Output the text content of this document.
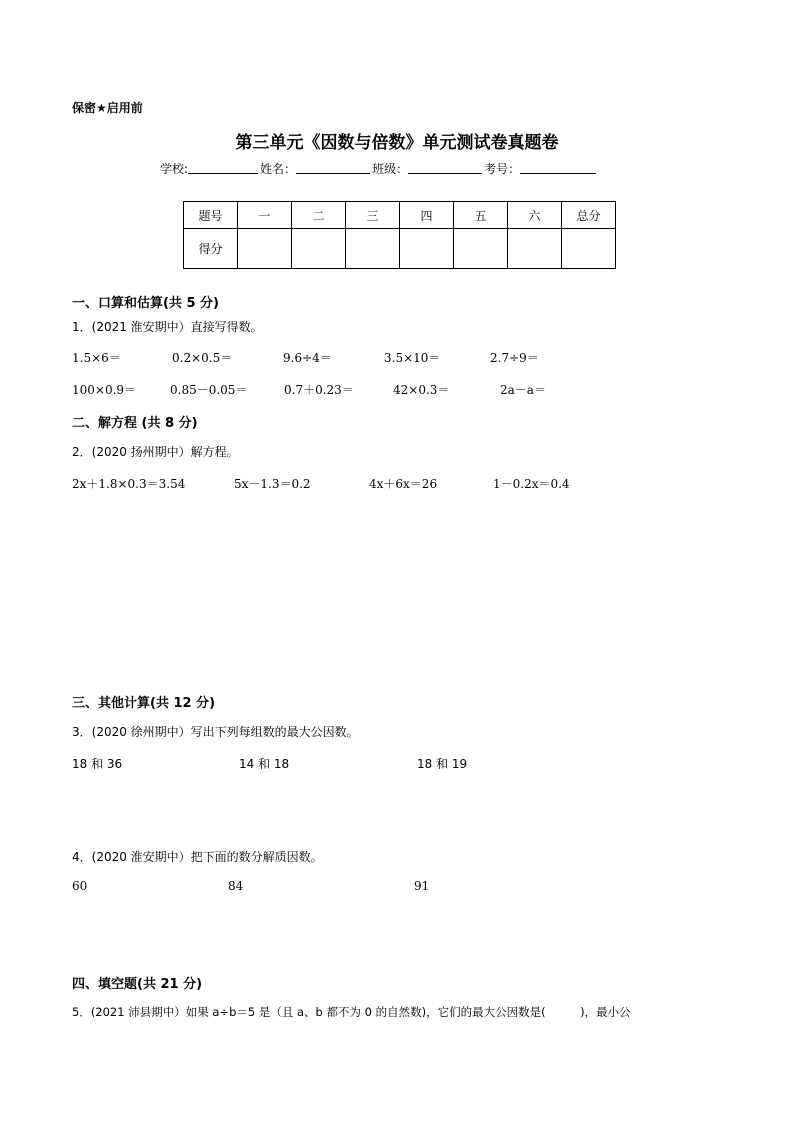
保密★启用前
第三单元《因数与倍数》单元测试卷真题卷
学校:	姓名：	班级：	考号：
题号	一	二	三	四	五	六	总分
得分							
一、口算和估算(共 5 分)
1．(2021 淮安期中）直接写得数。
1.5×6＝	0.2×0.5＝	9.6÷4＝	3.5×10＝	2.7÷9＝
100×0.9＝	0.85－0.05＝	0.7＋0.23＝	42×0.3＝	2a－a＝
二、解方程 (共 8 分)
2．(2020 扬州期中）解方程。
2x＋1.8×0.3＝3.54	5x－1.3＝0.2	4x＋6x＝26	1－0.2x＝0.4
三、其他计算(共 12 分)
3．(2020 徐州期中）写出下列每组数的最大公因数。
18 和 36	14 和 18	18 和 19
4．(2020 淮安期中）把下面的数分解质因数。
60	84	91
四、填空题(共 21 分)
5．(2021 沛县期中）如果 a÷b＝5 是（且 a、b 都不为 0 的自然数)，它们的最大公因数是(　　　)，最小公
